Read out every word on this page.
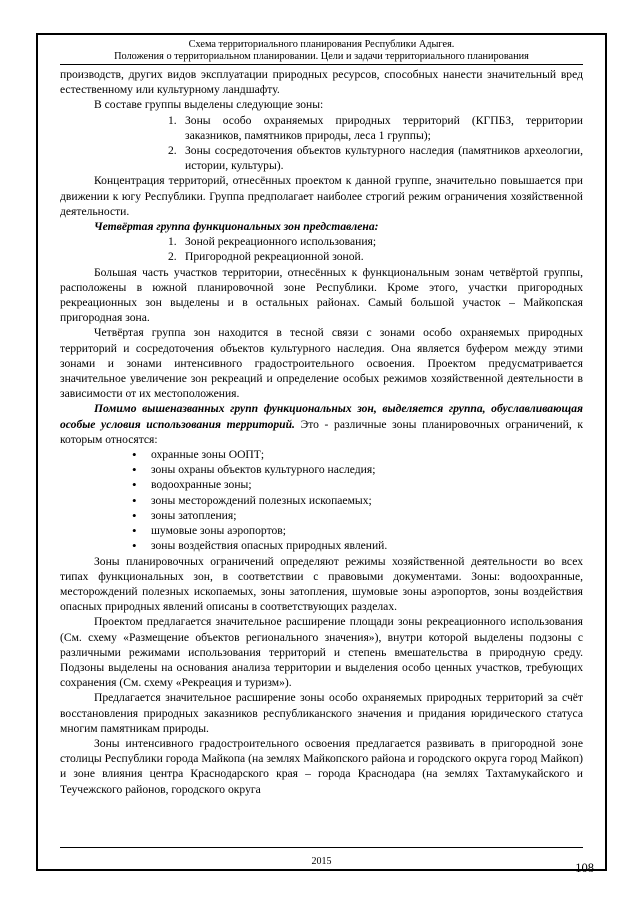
Схема территориального планирования Республики Адыгея.
Положения о территориальном планировании. Цели и задачи территориального планирования

производств, других видов эксплуатации природных ресурсов, способных нанести значительный вред естественному или культурному ландшафту.

В составе группы выделены следующие зоны:

1. Зоны особо охраняемых природных территорий (КГПБЗ, территории заказников, памятников природы, леса 1 группы);
2. Зоны сосредоточения объектов культурного наследия (памятников археологии, истории, культуры).

Концентрация территорий, отнесённых проектом к данной группе, значительно повышается при движении к югу Республики. Группа предполагает наиболее строгий режим ограничения хозяйственной деятельности.

Четвёртая группа функциональных зон представлена:

1. Зоной рекреационного использования;
2. Пригородной рекреационной зоной.

Большая часть участков территории, отнесённых к функциональным зонам четвёртой группы, расположены в южной планировочной зоне Республики. Кроме этого, участки пригородных рекреационных зон выделены и в остальных районах. Самый большой участок – Майкопская пригородная зона.

Четвёртая группа зон находится в тесной связи с зонами особо охраняемых природных территорий и сосредоточения объектов культурного наследия. Она является буфером между этими зонами и зонами интенсивного градостроительного освоения. Проектом предусматривается значительное увеличение зон рекреаций и определение особых режимов хозяйственной деятельности в зависимости от их местоположения.

Помимо вышеназванных групп функциональных зон, выделяется группа, обуславливающая особые условия использования территорий. Это - различные зоны планировочных ограничений, к которым относятся:

• охранные зоны ООПТ;
• зоны охраны объектов культурного наследия;
• водоохранные зоны;
• зоны месторождений полезных ископаемых;
• зоны затопления;
• шумовые зоны аэропортов;
• зоны воздействия опасных природных явлений.

Зоны планировочных ограничений определяют режимы хозяйственной деятельности во всех типах функциональных зон, в соответствии с правовыми документами. Зоны: водоохранные, месторождений полезных ископаемых, зоны затопления, шумовые зоны аэропортов, зоны воздействия опасных природных явлений описаны в соответствующих разделах.

Проектом предлагается значительное расширение площади зоны рекреационного использования (См. схему «Размещение объектов регионального значения»), внутри которой выделены подзоны с различными режимами использования территорий и степень вмешательства в природную среду. Подзоны выделены на основания анализа территории и выделения особо ценных участков, требующих сохранения (См. схему «Рекреация и туризм»).

Предлагается значительное расширение зоны особо охраняемых природных территорий за счёт восстановления природных заказников республиканского значения и придания юридического статуса многим памятникам природы.

Зоны интенсивного градостроительного освоения предлагается развивать в пригородной зоне столицы Республики города Майкопа (на землях Майкопского района и городского округа город Майкоп) и зоне влияния центра Краснодарского края – города Краснодара (на землях Тахтамукайского и Теучежского районов, городского округа

2015	108
